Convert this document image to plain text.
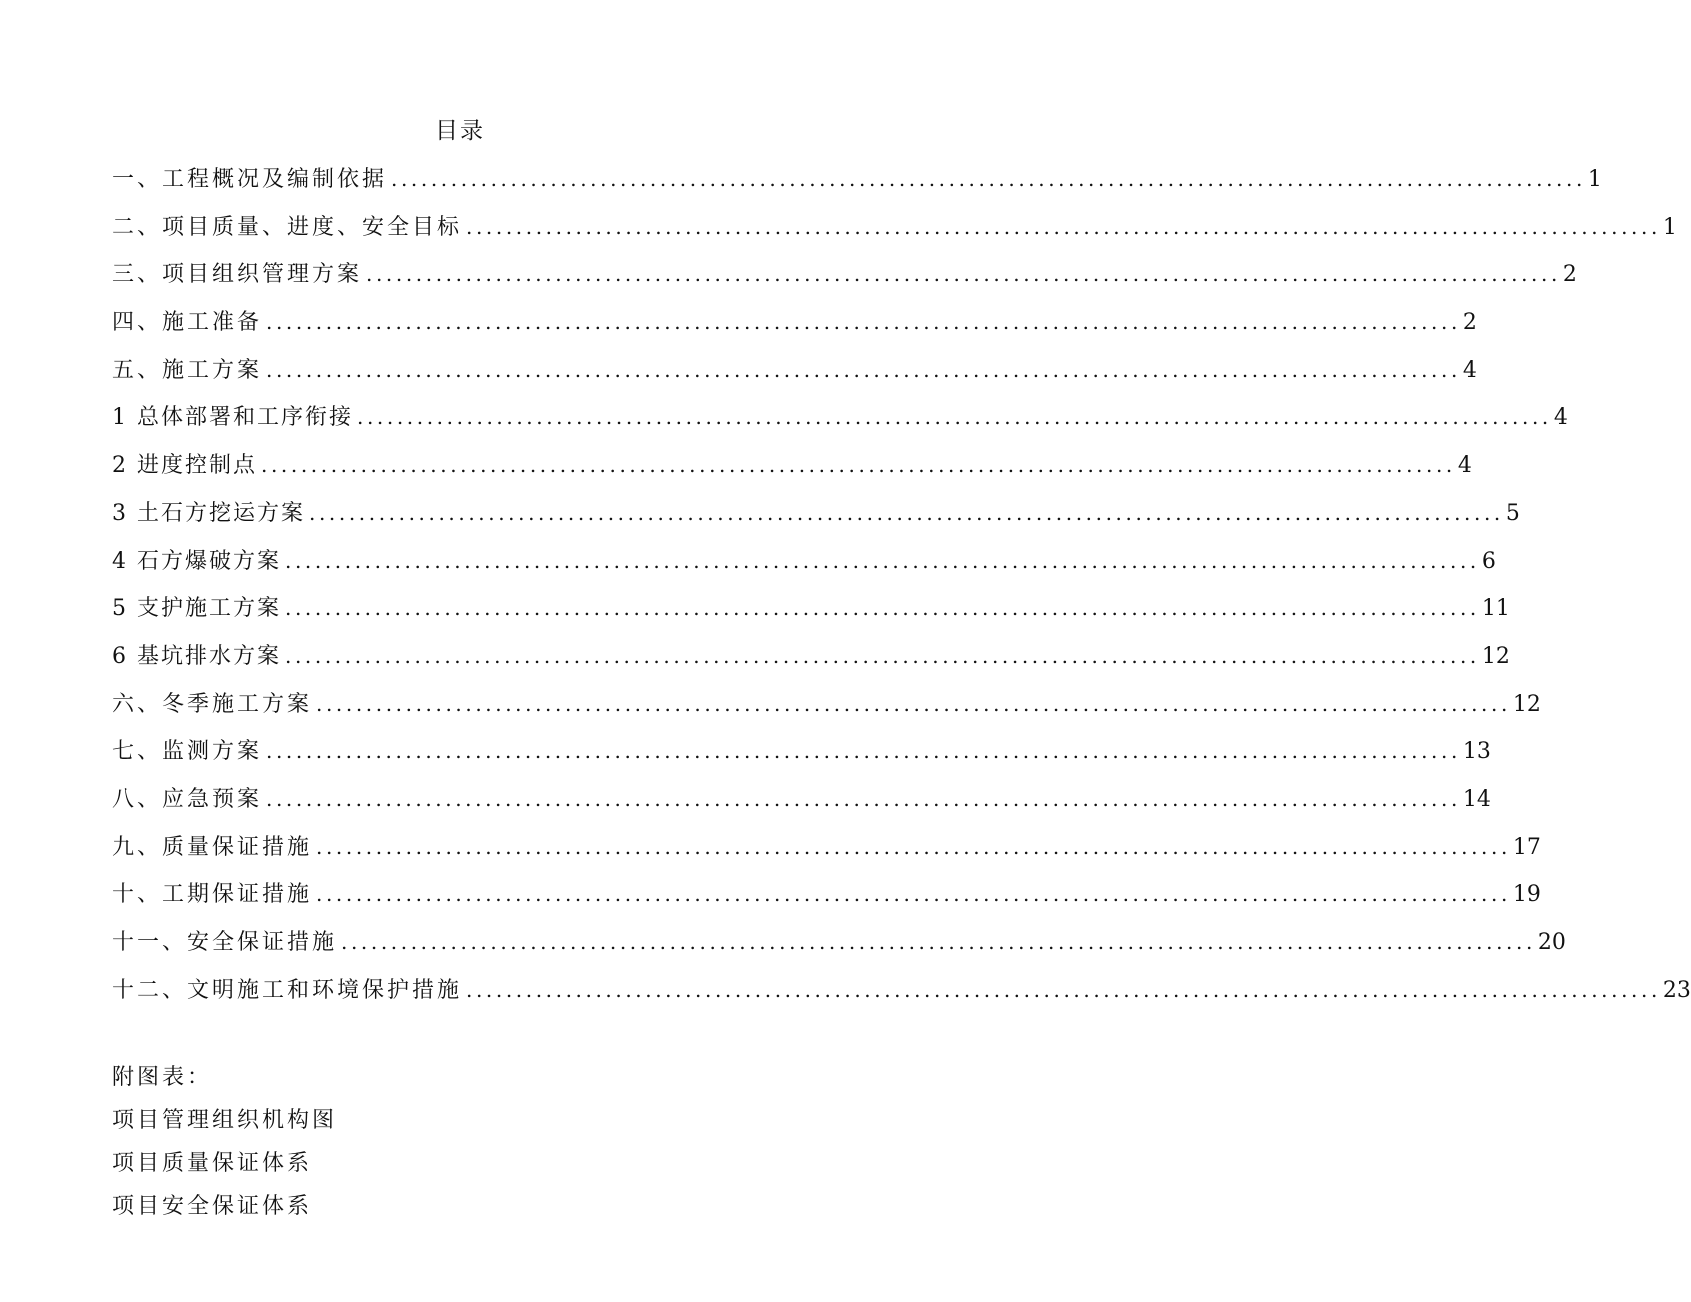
目录
一、工程概况及编制依据 ........................................................................................................................ 1
二、项目质量、进度、安全目标 ........................................................................................................................ 1
三、项目组织管理方案 ........................................................................................................................ 2
四、施工准备 ........................................................................................................................ 2
五、施工方案 ........................................................................................................................ 4
1 总体部署和工序衔接 ........................................................................................................................ 4
2 进度控制点 ........................................................................................................................ 4
3 土石方挖运方案 ........................................................................................................................ 5
4 石方爆破方案 ........................................................................................................................ 6
5 支护施工方案 ........................................................................................................................ 11
6 基坑排水方案 ........................................................................................................................ 12
六、冬季施工方案 ........................................................................................................................ 12
七、监测方案 ........................................................................................................................ 13
八、应急预案 ........................................................................................................................ 14
九、质量保证措施 ........................................................................................................................ 17
十、工期保证措施 ........................................................................................................................ 19
十一、安全保证措施 ........................................................................................................................ 20
十二、文明施工和环境保护措施 ........................................................................................................................ 23
附图表：
项目管理组织机构图
项目质量保证体系
项目安全保证体系
